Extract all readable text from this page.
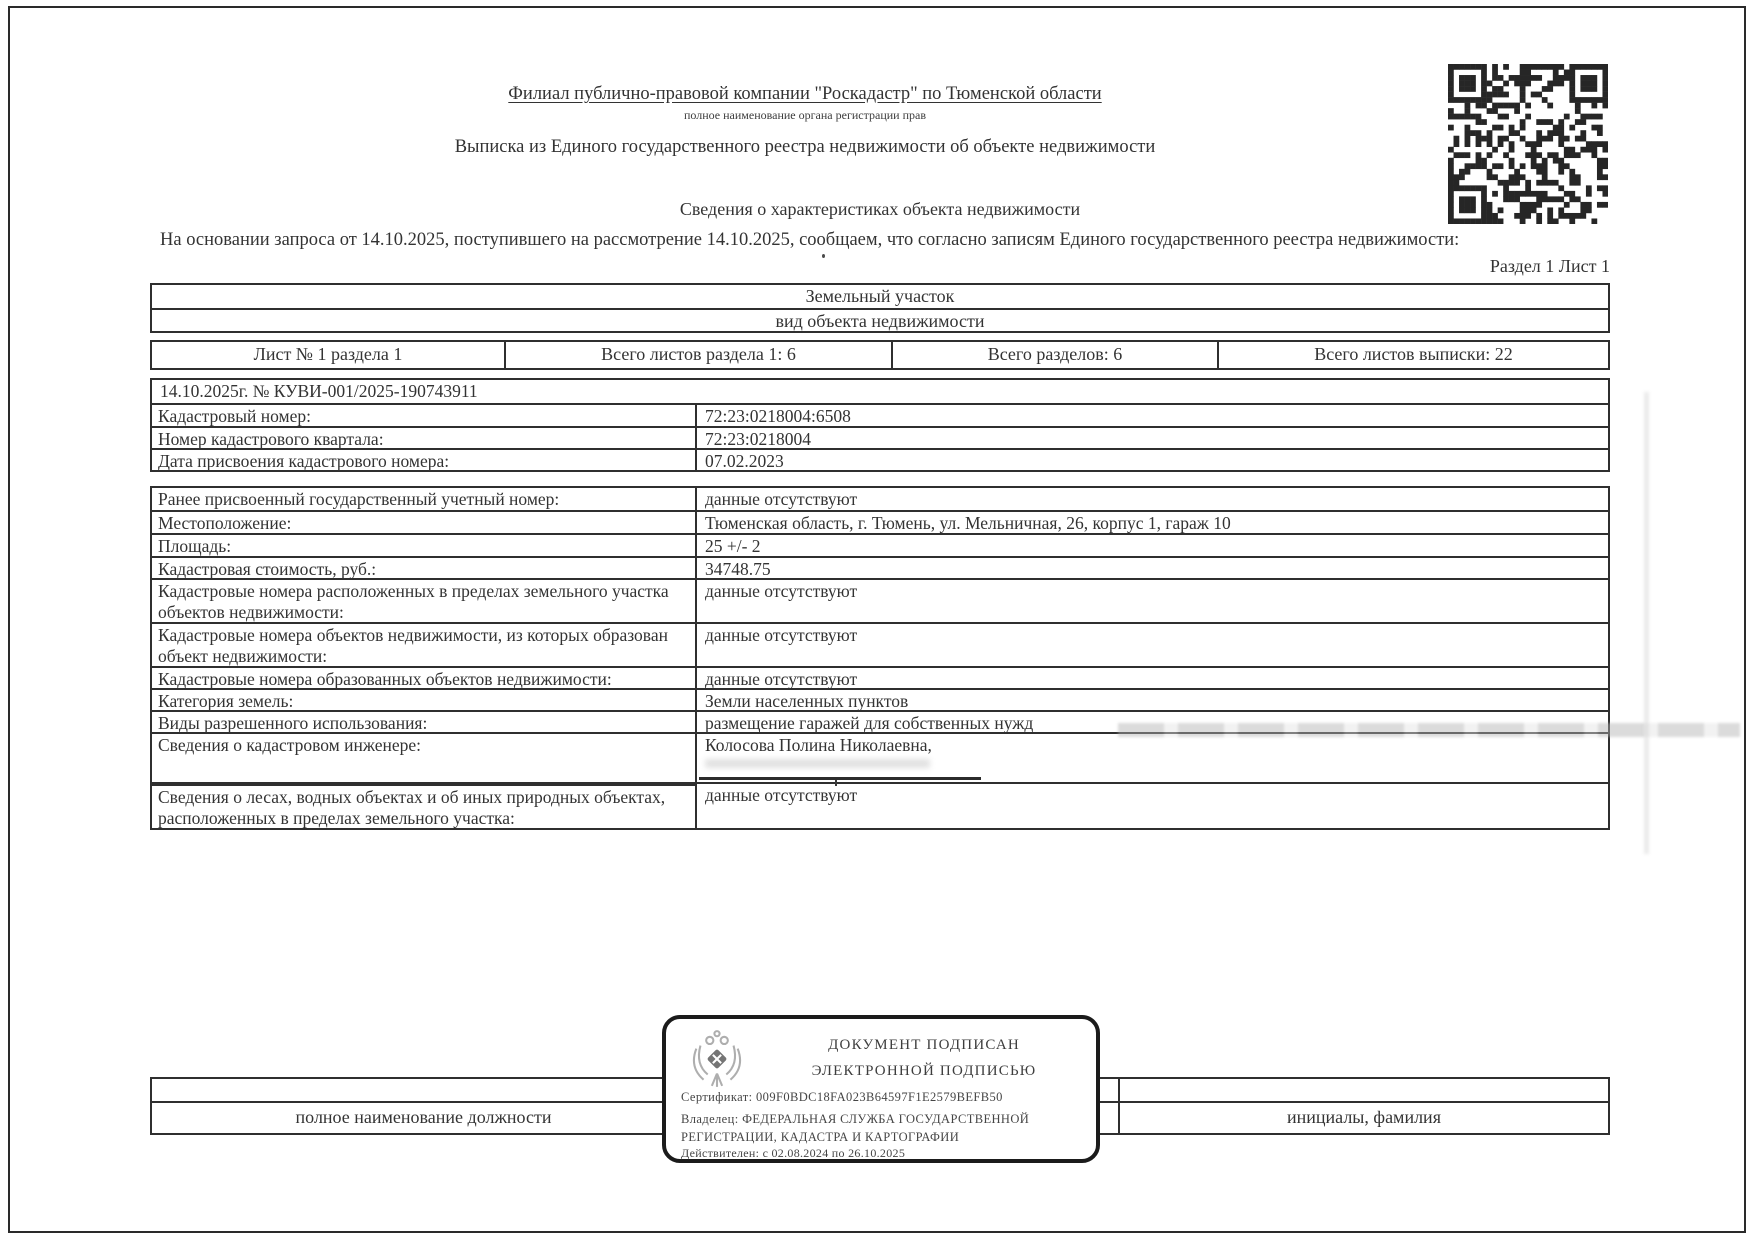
Филиал публично-правовой компании "Роскадастр" по Тюменской области
полное наименование органа регистрации прав
Выписка из Единого государственного реестра недвижимости об объекте недвижимости
Сведения о характеристиках объекта недвижимости
На основании запроса от 14.10.2025, поступившего на рассмотрение 14.10.2025, сообщаем, что согласно записям Единого государственного реестра недвижимости:
Раздел 1 Лист 1
Земельный участок
вид объекта недвижимости
Лист № 1 раздела 1	Всего листов раздела 1: 6	Всего разделов: 6	Всего листов выписки: 22
14.10.2025г. № КУВИ-001/2025-190743911
Кадастровый номер:	72:23:0218004:6508
Номер кадастрового квартала:	72:23:0218004
Дата присвоения кадастрового номера:	07.02.2023
Ранее присвоенный государственный учетный номер:	данные отсутствуют
Местоположение:	Тюменская область, г. Тюмень, ул. Мельничная, 26, корпус 1, гараж 10
Площадь:	25 +/- 2
Кадастровая стоимость, руб.:	34748.75
Кадастровые номера расположенных в пределах земельного участка объектов недвижимости:
данные отсутствуют
Кадастровые номера объектов недвижимости, из которых образован объект недвижимости:
данные отсутствуют
Кадастровые номера образованных объектов недвижимости:	данные отсутствуют
Категория земель:	Земли населенных пунктов
Виды разрешенного использования:	размещение гаражей для собственных нужд
Сведения о кадастровом инженере:	Колосова Полина Николаевна,
Сведения о лесах, водных объектах и об иных природных объектах, расположенных в пределах земельного участка:
данные отсутствуют
полное наименование должности	инициалы, фамилия
ДОКУМЕНТ ПОДПИСАН
ЭЛЕКТРОННОЙ ПОДПИСЬЮ
Сертификат: 009F0BDC18FA023B64597F1E2579BEFB50
Владелец: ФЕДЕРАЛЬНАЯ СЛУЖБА ГОСУДАРСТВЕННОЙ РЕГИСТРАЦИИ, КАДАСТРА И КАРТОГРАФИИ
Действителен: с 02.08.2024 по 26.10.2025
